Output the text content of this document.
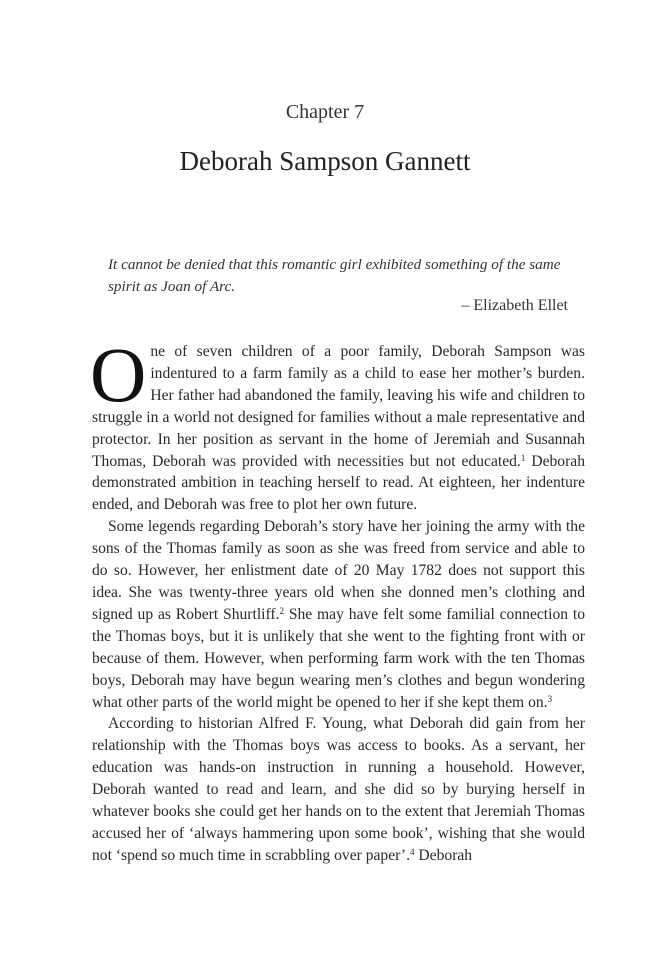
Chapter 7
Deborah Sampson Gannett
It cannot be denied that this romantic girl exhibited something of the same spirit as Joan of Arc.
– Elizabeth Ellet

One of seven children of a poor family, Deborah Sampson was indentured to a farm family as a child to ease her mother’s burden. Her father had abandoned the family, leaving his wife and children to struggle in a world not designed for families without a male representative and protector. In her position as servant in the home of Jeremiah and Susannah Thomas, Deborah was provided with necessities but not educated.$^1$ Deborah demonstrated ambition in teaching herself to read. At eighteen, her indenture ended, and Deborah was free to plot her own future.

Some legends regarding Deborah’s story have her joining the army with the sons of the Thomas family as soon as she was freed from service and able to do so. However, her enlistment date of 20 May 1782 does not support this idea. She was twenty-three years old when she donned men’s clothing and signed up as Robert Shurtliff.$^2$ She may have felt some familial connection to the Thomas boys, but it is unlikely that she went to the fighting front with or because of them. However, when performing farm work with the ten Thomas boys, Deborah may have begun wearing men’s clothes and begun wondering what other parts of the world might be opened to her if she kept them on.$^3$

According to historian Alfred F. Young, what Deborah did gain from her relationship with the Thomas boys was access to books. As a servant, her education was hands-on instruction in running a household. However, Deborah wanted to read and learn, and she did so by burying herself in whatever books she could get her hands on to the extent that Jeremiah Thomas accused her of ‘always hammering upon some book’, wishing that she would not ‘spend so much time in scrabbling over paper’.$^4$ Deborah
